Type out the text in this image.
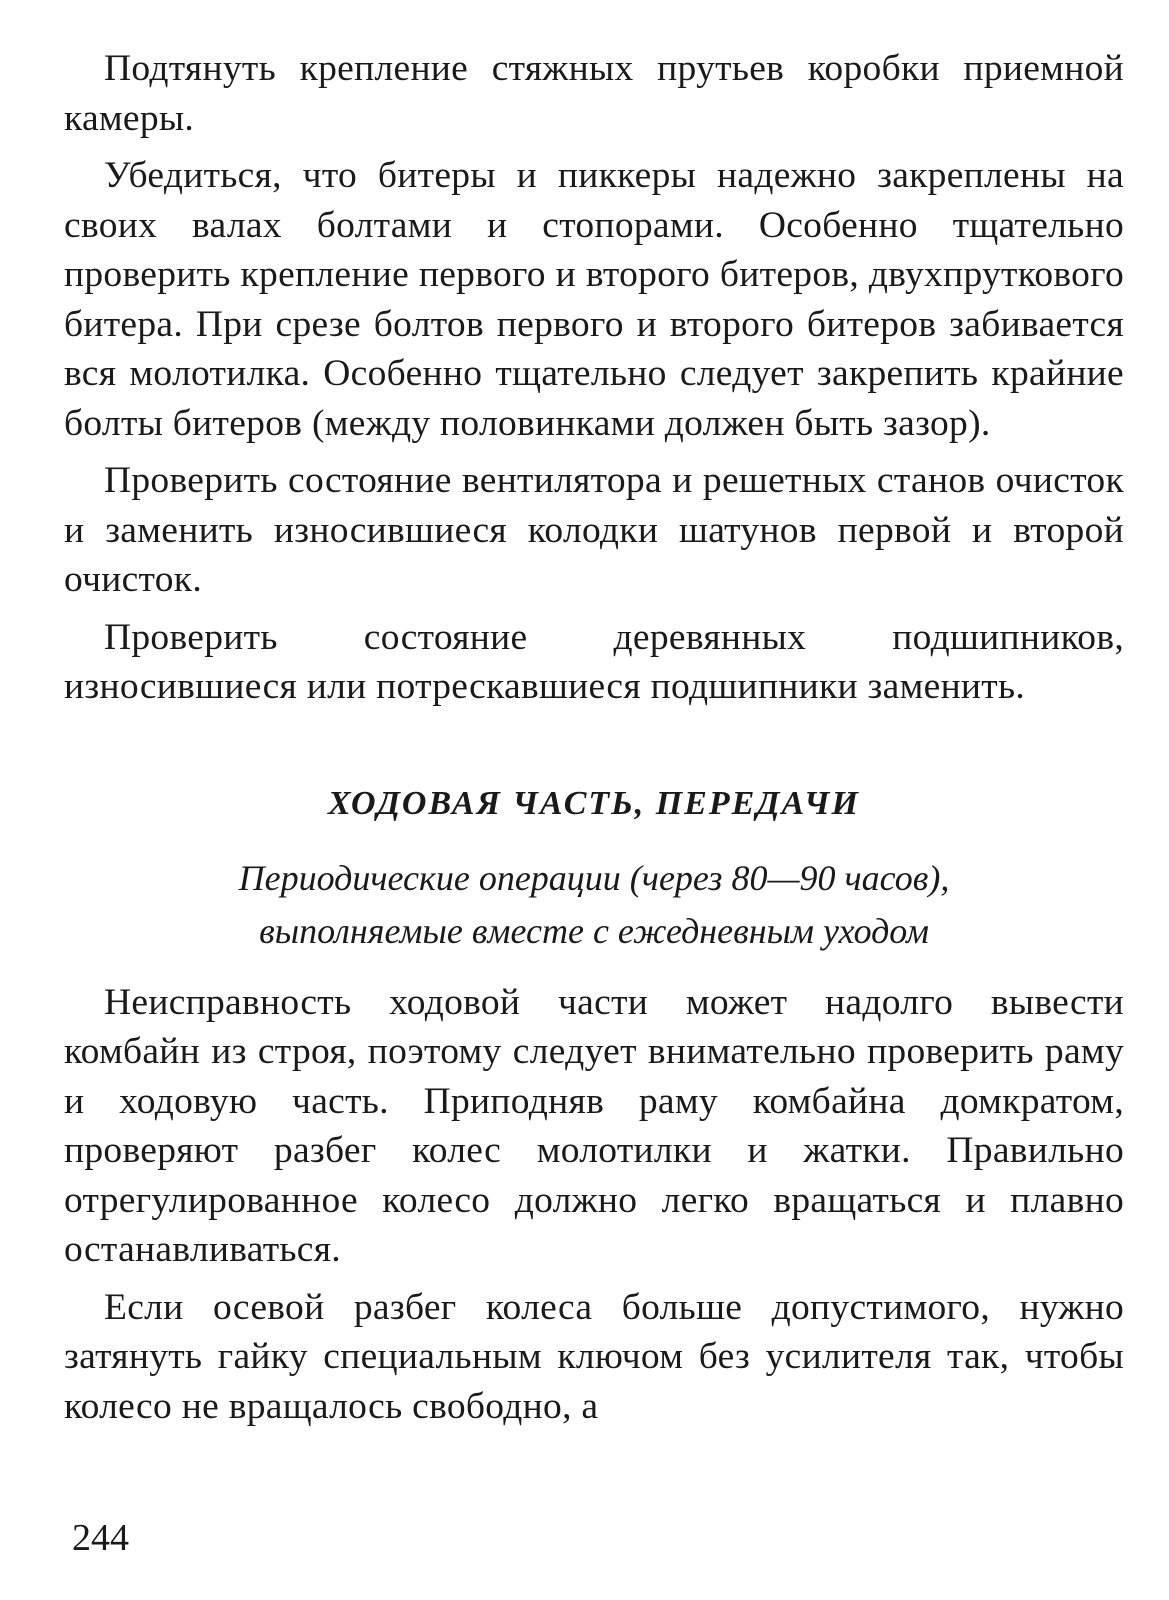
Подтянуть крепление стяжных прутьев коробки приемной камеры.

Убедиться, что битеры и пиккеры надежно закреплены на своих валах болтами и стопорами. Особенно тщательно проверить крепление первого и второго битеров, двухпруткового битера. При срезе болтов первого и второго битеров забивается вся молотилка. Особенно тщательно следует закрепить крайние болты битеров (между половинками должен быть зазор).

Проверить состояние вентилятора и решетных станов очисток и заменить износившиеся колодки шатунов первой и второй очисток.

Проверить состояние деревянных подшипников, износившиеся или потрескавшиеся подшипники заменить.

ХОДОВАЯ ЧАСТЬ, ПЕРЕДАЧИ
Периодические операции (через 80—90 часов),
выполняемые вместе с ежедневным уходом

Неисправность ходовой части может надолго вывести комбайн из строя, поэтому следует внимательно проверить раму и ходовую часть. Приподняв раму комбайна домкратом, проверяют разбег колес молотилки и жатки. Правильно отрегулированное колесо должно легко вращаться и плавно останавливаться.

Если осевой разбег колеса больше допустимого, нужно затянуть гайку специальным ключом без усилителя так, чтобы колесо не вращалось свободно, а

244
